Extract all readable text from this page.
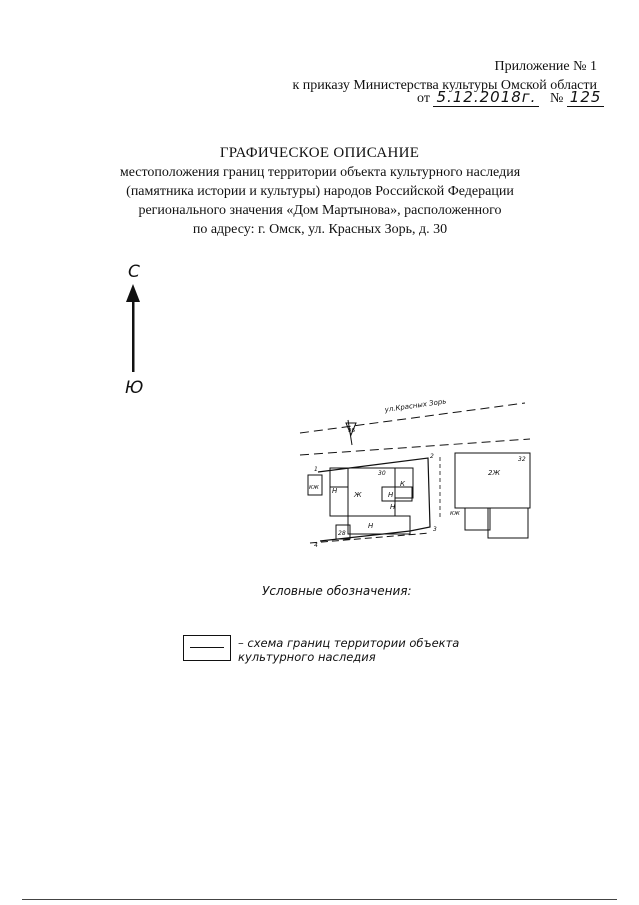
Приложение № 1
к приказу Министерства культуры Омской области
от 5.12.2018г. № 125
ГРАФИЧЕСКОЕ ОПИСАНИЕ
местоположения границ территории объекта культурного наследия
(памятника истории и культуры) народов Российской Федерации
регионального значения «Дом Мартынова», расположенного
по адресу: г. Омск, ул. Красных Зорь, д. 30
С
Ю
ул.Красных Зорь
Ж
Н
К
Н
Н
Н
КЖ
2Ж
КЖ
30
32
28
9Б
1
2
3
4
Условные обозначения:
– схема границ территории объекта
культурного наследия
